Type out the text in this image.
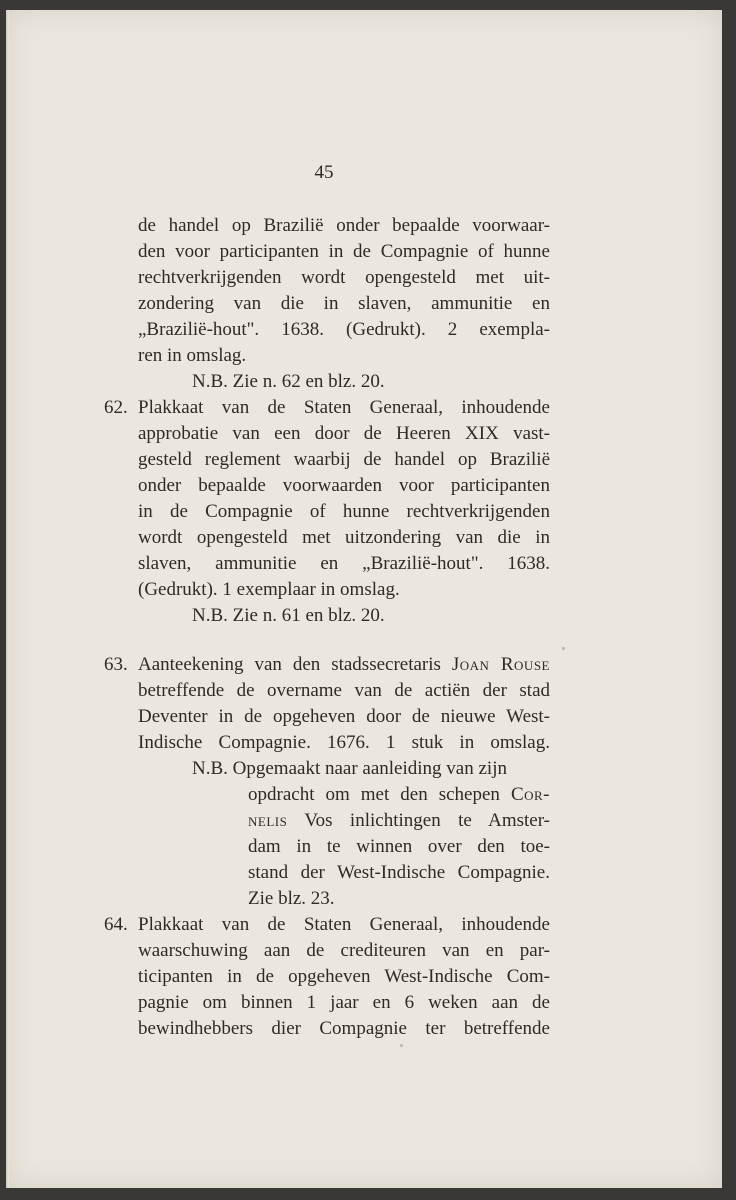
45
de handel op Brazilië onder bepaalde voorwaar-
den voor participanten in de Compagnie of hunne
rechtverkrijgenden wordt opengesteld met uit-
zondering van die in slaven, ammunitie en
„Brazilië-hout". 1638. (Gedrukt). 2 exempla-
ren in omslag.
N.B. Zie n. 62 en blz. 20.
62. Plakkaat van de Staten Generaal, inhoudende
approbatie van een door de Heeren XIX vast-
gesteld reglement waarbij de handel op Brazilië
onder bepaalde voorwaarden voor participanten
in de Compagnie of hunne rechtverkrijgenden
wordt opengesteld met uitzondering van die in
slaven, ammunitie en „Brazilië-hout". 1638.
(Gedrukt). 1 exemplaar in omslag.
N.B. Zie n. 61 en blz. 20.
63. Aanteekening van den stadssecretaris Joan Rouse
betreffende de overname van de actiën der stad
Deventer in de opgeheven door de nieuwe West-
Indische Compagnie. 1676. 1 stuk in omslag.
N.B. Opgemaakt naar aanleiding van zijn
opdracht om met den schepen Cor-
nelis Vos inlichtingen te Amster-
dam in te winnen over den toe-
stand der West-Indische Compagnie.
Zie blz. 23.
64. Plakkaat van de Staten Generaal, inhoudende
waarschuwing aan de crediteuren van en par-
ticipanten in de opgeheven West-Indische Com-
pagnie om binnen 1 jaar en 6 weken aan de
bewindhebbers dier Compagnie ter betreffende
